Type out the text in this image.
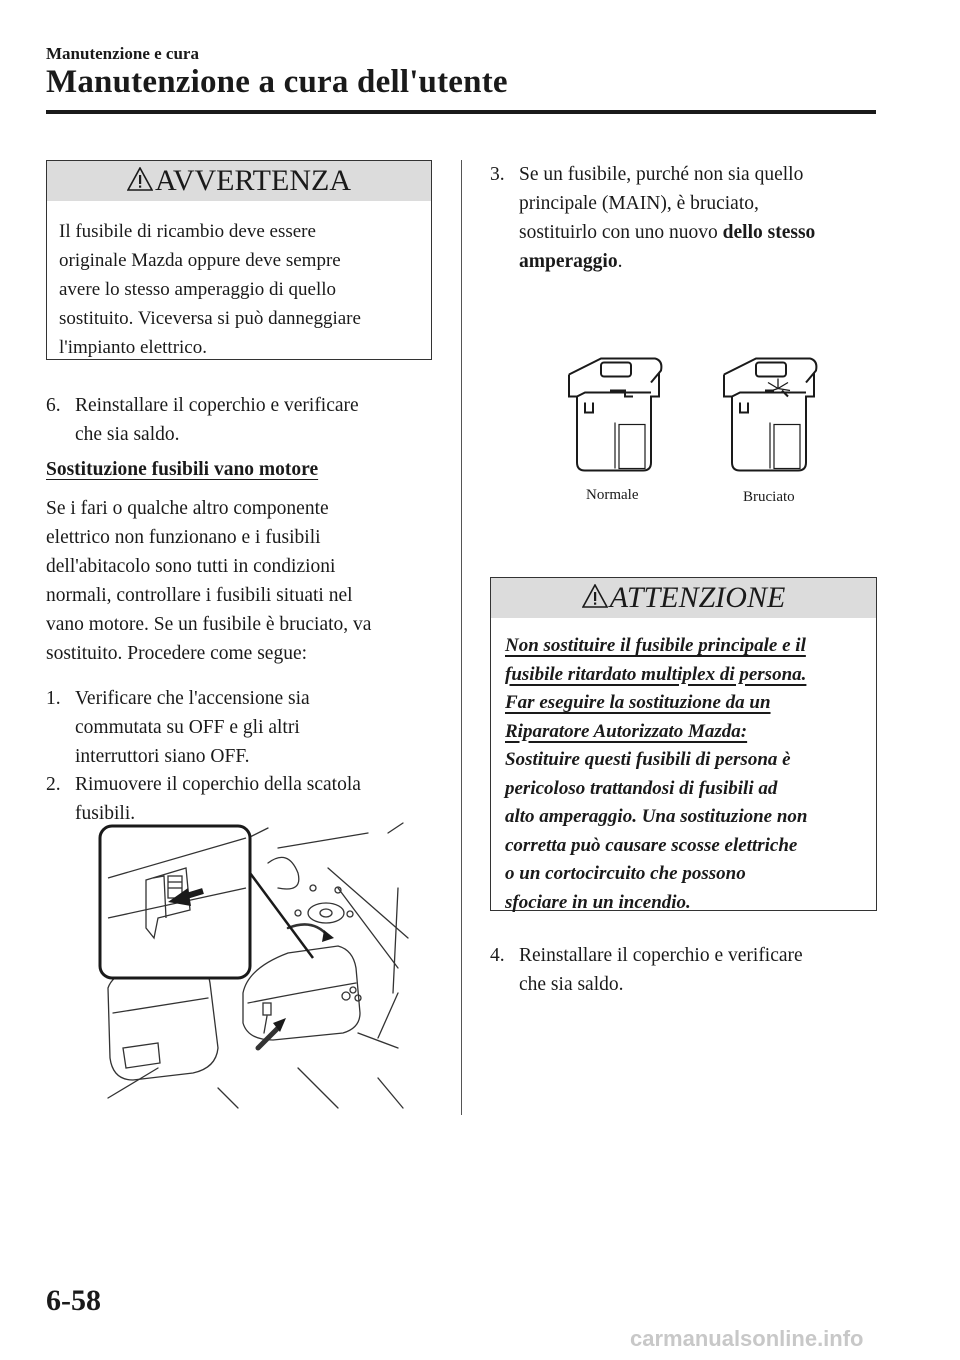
Manutenzione e cura
Manutenzione a cura dell'utente
AVVERTENZA
Il fusibile di ricambio deve essere
originale Mazda oppure deve sempre
avere lo stesso amperaggio di quello
sostituito. Viceversa si può danneggiare
l'impianto elettrico.
6. Reinstallare il coperchio e verificare
che sia saldo.
Sostituzione fusibili vano motore
Se i fari o qualche altro componente
elettrico non funzionano e i fusibili
dell'abitacolo sono tutti in condizioni
normali, controllare i fusibili situati nel
vano motore. Se un fusibile è bruciato, va
sostituito. Procedere come segue:
1. Verificare che l'accensione sia
commutata su OFF e gli altri
interruttori siano OFF.
2. Rimuovere il coperchio della scatola
fusibili.
3. Se un fusibile, purché non sia quello
principale (MAIN), è bruciato,
sostituirlo con uno nuovo dello stesso
amperaggio.
Normale	Bruciato
ATTENZIONE
Non sostituire il fusibile principale e il
fusibile ritardato multiplex di persona.
Far eseguire la sostituzione da un
Riparatore Autorizzato Mazda:
Sostituire questi fusibili di persona è
pericoloso trattandosi di fusibili ad
alto amperaggio. Una sostituzione non
corretta può causare scosse elettriche
o un cortocircuito che possono
sfociare in un incendio.
4. Reinstallare il coperchio e verificare
che sia saldo.
6-58
carmanualsonline.info
